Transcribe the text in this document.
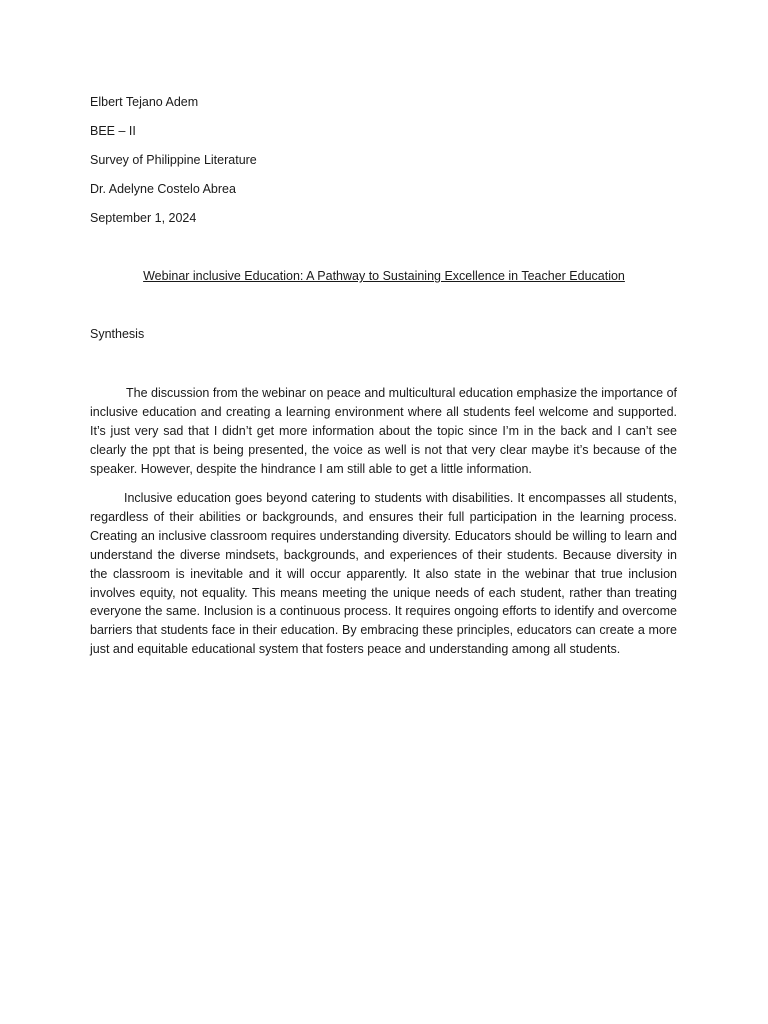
Elbert Tejano Adem
BEE – II
Survey of Philippine Literature
Dr. Adelyne Costelo Abrea
September 1, 2024
Webinar inclusive Education: A Pathway to Sustaining Excellence in Teacher Education
Synthesis

The discussion from the webinar on peace and multicultural education emphasize the importance of inclusive education and creating a learning environment where all students feel welcome and supported. It’s just very sad that I didn’t get more information about the topic since I’m in the back and I can’t see clearly the ppt that is being presented, the voice as well is not that very clear maybe it’s because of the speaker. However, despite the hindrance I am still able to get a little information.

Inclusive education goes beyond catering to students with disabilities. It encompasses all students, regardless of their abilities or backgrounds, and ensures their full participation in the learning process. Creating an inclusive classroom requires understanding diversity. Educators should be willing to learn and understand the diverse mindsets, backgrounds, and experiences of their students. Because diversity in the classroom is inevitable and it will occur apparently. It also state in the webinar that true inclusion involves equity, not equality. This means meeting the unique needs of each student, rather than treating everyone the same. Inclusion is a continuous process. It requires ongoing efforts to identify and overcome barriers that students face in their education. By embracing these principles, educators can create a more just and equitable educational system that fosters peace and understanding among all students.
